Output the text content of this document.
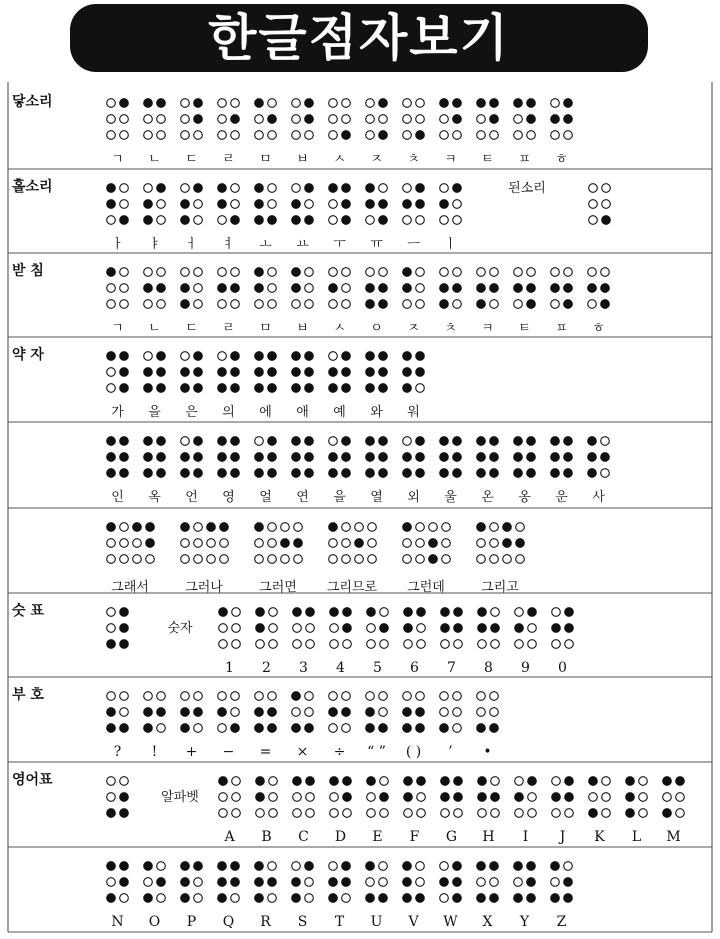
한글점자보기
닿소리
ㄱ ㄴ ㄷ ㄹ ㅁ ㅂ ㅅ ㅈ ㅊ ㅋ ㅌ ㅍ ㅎ
된소리
홀소리
ㅏ ㅑ ㅓ ㅕ ㅗ ㅛ ㅜ ㅠ ㅡ ㅣ
받 침
ㄱ ㄴ ㄷ ㄹ ㅁ ㅂ ㅅ ㅇ ㅈ ㅊ ㅋ ㅌ ㅍ ㅎ
약 자
가 을 은 의 에 애 예 와 워
인 옥 언 영 얼 연 을 열 외 울 온 옹 운 사
그래서	그러나	그러면 그리므로 그런데	그리고
숫 표
숫자
1 2 3 4 5 6 7 8 9 0
부 호
? ! + − = × ÷ “ ” ( ) ’ •
영어표
알파벳
A B C D E F G H I J K L M
N O P Q R S T U V W X Y Z
